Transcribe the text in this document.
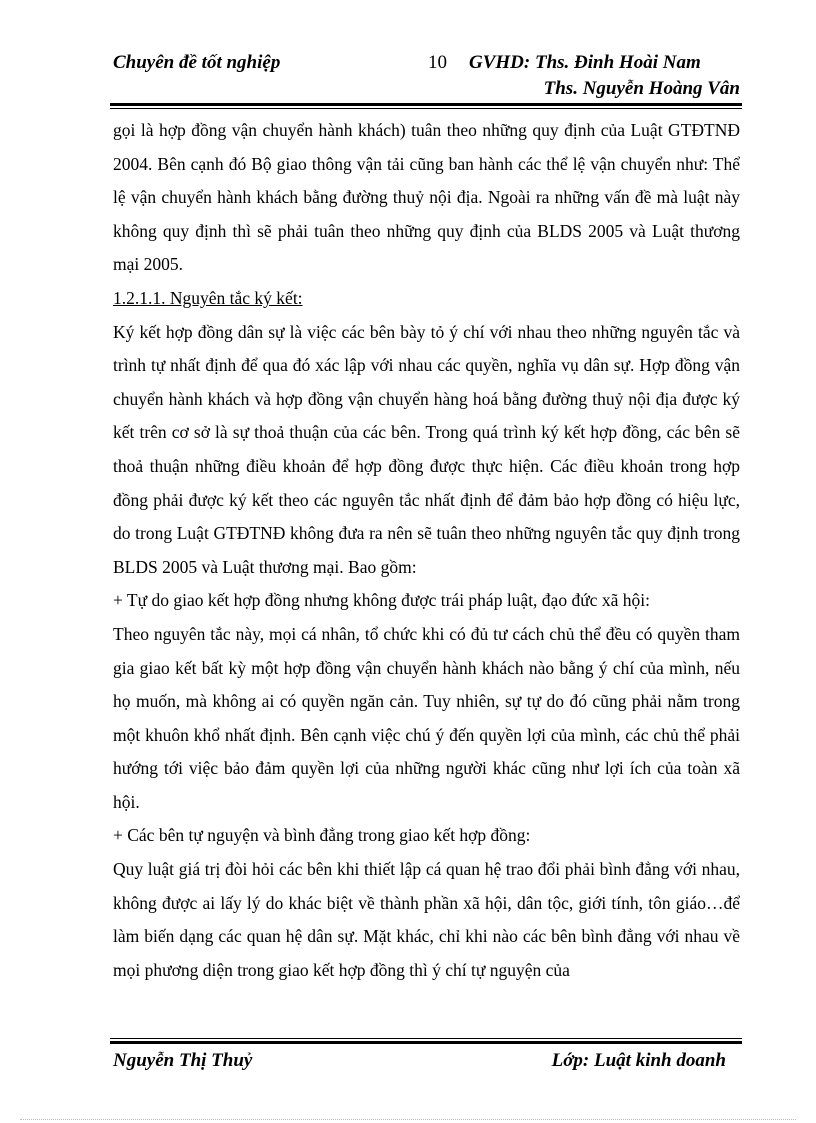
Chuyên đề tốt nghiệp	10 GVHD: Ths. Đinh Hoài Nam
Ths. Nguyễn Hoàng Vân

gọi là hợp đồng vận chuyển hành khách) tuân theo những quy định của Luật GTĐTNĐ 2004. Bên cạnh đó Bộ giao thông vận tải cũng ban hành các thể lệ vận chuyển như: Thể lệ vận chuyển hành khách bằng đường thuỷ nội địa. Ngoài ra những vấn đề mà luật này không quy định thì sẽ phải tuân theo những quy định của BLDS 2005 và Luật thương mại 2005.

1.2.1.1. Nguyên tắc ký kết:

Ký kết hợp đồng dân sự là việc các bên bày tỏ ý chí với nhau theo những nguyên tắc và trình tự nhất định để qua đó xác lập với nhau các quyền, nghĩa vụ dân sự. Hợp đồng vận chuyển hành khách và hợp đồng vận chuyển hàng hoá bằng đường thuỷ nội địa được ký kết trên cơ sở là sự thoả thuận của các bên. Trong quá trình ký kết hợp đồng, các bên sẽ thoả thuận những điều khoản để hợp đồng được thực hiện. Các điều khoản trong hợp đồng phải được ký kết theo các nguyên tắc nhất định để đảm bảo hợp đồng có hiệu lực, do trong Luật GTĐTNĐ không đưa ra nên sẽ tuân theo những nguyên tắc quy định trong BLDS 2005 và Luật thương mại. Bao gồm:

+ Tự do giao kết hợp đồng nhưng không được trái pháp luật, đạo đức xã hội:

Theo nguyên tắc này, mọi cá nhân, tổ chức khi có đủ tư cách chủ thể đều có quyền tham gia giao kết bất kỳ một hợp đồng vận chuyển hành khách nào bằng ý chí của mình, nếu họ muốn, mà không ai có quyền ngăn cản. Tuy nhiên, sự tự do đó cũng phải nằm trong một khuôn khổ nhất định. Bên cạnh việc chú ý đến quyền lợi của mình, các chủ thể phải hướng tới việc bảo đảm quyền lợi của những người khác cũng như lợi ích của toàn xã hội.

+ Các bên tự nguyện và bình đẳng trong giao kết hợp đồng:

Quy luật giá trị đòi hỏi các bên khi thiết lập cá quan hệ trao đổi phải bình đẳng với nhau, không được ai lấy lý do khác biệt về thành phần xã hội, dân tộc, giới tính, tôn giáo…để làm biến dạng các quan hệ dân sự. Mặt khác, chỉ khi nào các bên bình đẳng với nhau về mọi phương diện trong giao kết hợp đồng thì ý chí tự nguyện của

Nguyễn Thị Thuỷ	Lớp: Luật kinh doanh
